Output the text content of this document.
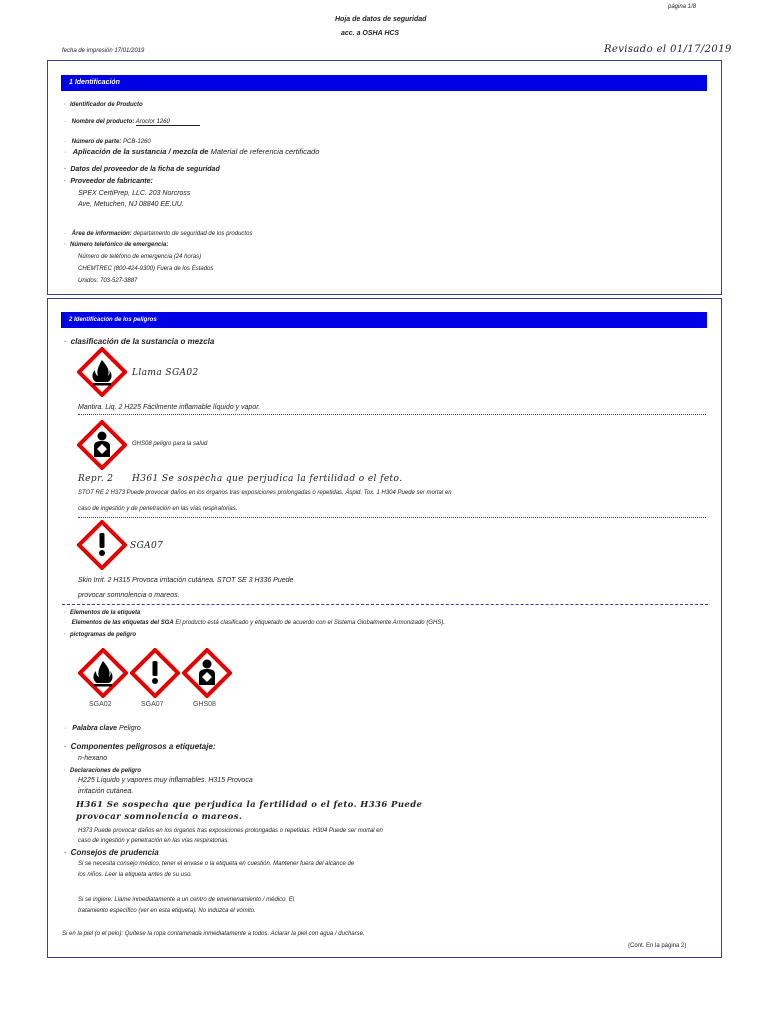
página 1/8
Hoja de datos de seguridad
acc. a OSHA HCS
fecha de impresión 17/01/2019	Revisado el 01/17/2019
1 Identificación
· Identificador de Producto
· Nombre del producto: Aroclor 1260
· Número de parte: PCB-1260
· Aplicación de la sustancia / mezcla de Material de referencia certificado
· Datos del proveedor de la ficha de seguridad
· Proveedor de fabricante:
SPEX CertiPrep, LLC. 203 Norcross
Ave, Metuchen, NJ 08840 EE.UU.
· Área de información: departamento de seguridad de los productos
· Número telefónico de emergencia:
Número de teléfono de emergencia (24 horas)
CHEMTREC (800-424-9300) Fuera de los Estados
Unidos: 703-527-3887
2 Identificación de los peligros
· clasificación de la sustancia o mezcla
Llama SGA02
Mantira. Liq. 2 H225 Fácilmente inflamable líquido y vapor.
GHS08 peligro para la salud
Repr. 2 H361 Se sospecha que perjudica la fertilidad o el feto.
STOT RE 2 H373 Puede provocar daños en los órganos tras exposiciones prolongadas o repetidas. Áspid. Tox. 1 H304 Puede ser mortal en
caso de ingestión y de penetración en las vías respiratorias.
SGA07
Skin Irrit. 2 H315 Provoca irritación cutánea. STOT SE 3 H336 Puede
provocar somnolencia o mareos.
· Elementos de la etiqueta
· Elementos de las etiquetas del SGA El producto está clasificado y etiquetado de acuerdo con el Sistema Globalmente Armonizado (GHS).
· pictogramas de peligro
SGA02	SGA07	GHS08
· Palabra clave Peligro
· Componentes peligrosos a etiquetaje:
n-hexano
· Declaraciones de peligro
H225 Líquido y vapores muy inflamables. H315 Provoca
irritación cutánea.
H361 Se sospecha que perjudica la fertilidad o el feto. H336 Puede
provocar somnolencia o mareos.
H373 Puede provocar daños en los órganos tras exposiciones prolongadas o repetidas. H304 Puede ser mortal en
caso de ingestión y penetración en las vías respiratorias.
· Consejos de prudencia
Si se necesita consejo médico, tener el envase o la etiqueta en cuestión. Mantener fuera del alcance de
los niños. Leer la etiqueta antes de su uso.
Si se ingiere: Llame inmediatamente a un centro de envenenamiento / médico. El
tratamiento específico (ver en esta etiqueta). No induzca el vómito.
Si en la piel (o el pelo): Quítese la ropa contaminada inmediatamente a todos. Aclarar la piel con agua / ducharse.
(Cont. En la página 2)
